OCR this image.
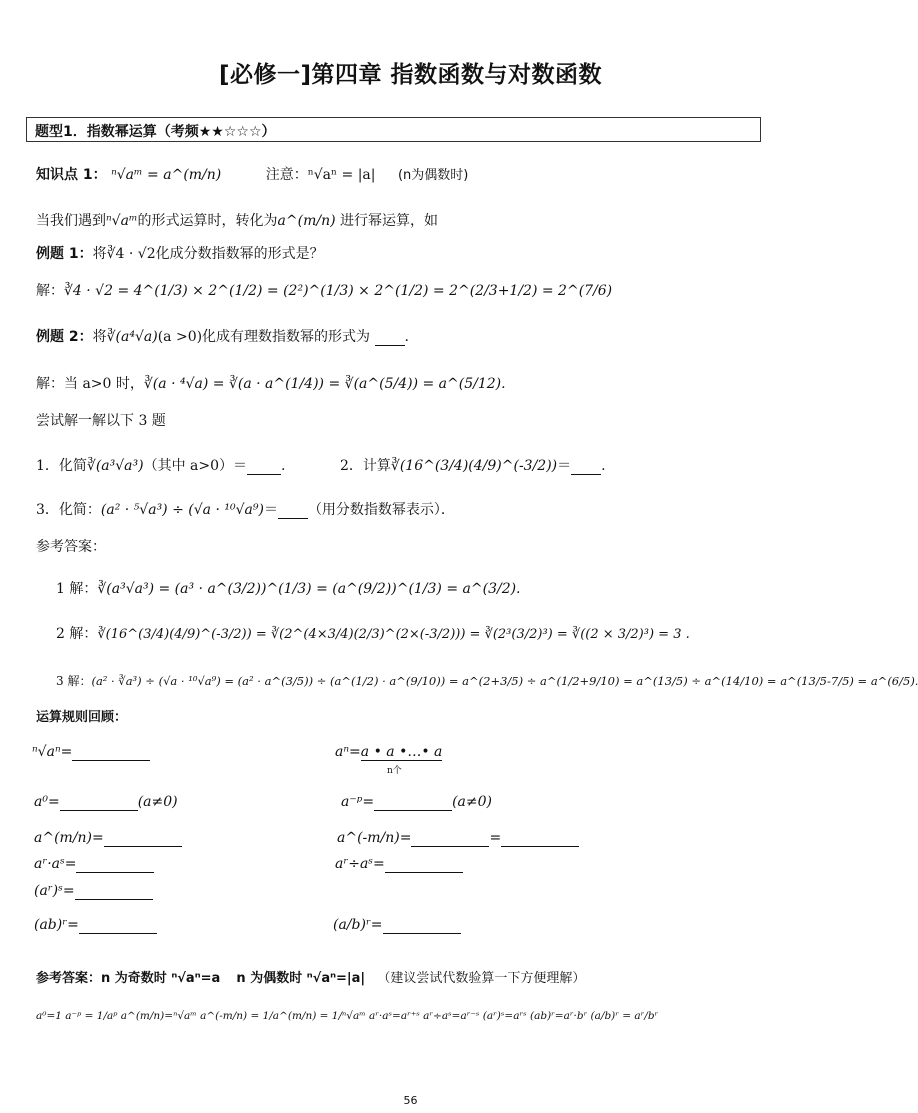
[必修一]第四章 指数函数与对数函数
题型1．指数幂运算（考频★★☆☆☆）
知识点 1： ⁿ√aᵐ = a^(m/n)	注意：ⁿ√aⁿ = |a| (n为偶数时)
当我们遇到ⁿ√aᵐ的形式运算时，转化为a^(m/n) 进行幂运算，如
例题 1：将∛4 · √2化成分数指数幂的形式是？
解：∛4 · √2 = 4^(1/3) × 2^(1/2) = (2²)^(1/3) × 2^(1/2) = 2^(2/3+1/2) = 2^(7/6)
例题 2：将∛(a⁴√a)(a >0)化成有理数指数幂的形式为 .
解：当 a>0 时，∛(a · ⁴√a) = ∛(a · a^(1/4)) = ∛(a^(5/4)) = a^(5/12).
尝试解一解以下 3 题
1．化简∛(a³√a³)（其中 a>0）＝ .	2．计算∛(16^(3/4)(4/9)^(-3/2))＝ .
3．化简：(a² · ⁵√a³) ÷ (√a · ¹⁰√a⁹)＝ （用分数指数幂表示）．
参考答案：
1 解：∛(a³√a³) = (a³ · a^(3/2))^(1/3) = (a^(9/2))^(1/3) = a^(3/2).
2 解：∛(16^(3/4)(4/9)^(-3/2)) = ∛(2^(4×3/4)(2/3)^(2×(-3/2))) = ∛(2³(3/2)³) = ∛((2 × 3/2)³) = 3 .
3 解：(a² · ∛a³) ÷ (√a · ¹⁰√a⁹) = (a² · a^(3/5)) ÷ (a^(1/2) · a^(9/10)) = a^(2+3/5) ÷ a^(1/2+9/10) = a^(13/5) ÷ a^(14/10) = a^(13/5-7/5) = a^(6/5).
运算规则回顾：
ⁿ√aⁿ=	aⁿ=a • a •…• a
n个
a⁰=	(a≠0)	a⁻ᵖ=	(a≠0)
a^(m/n)=	a^(-m/n)=	=
aʳ·aˢ=	aʳ÷aˢ=
(aʳ)ˢ=
(ab)ʳ=	(a/b)ʳ=
参考答案：n 为奇数时 ⁿ√aⁿ=a n 为偶数时 ⁿ√aⁿ=|a| （建议尝试代数验算一下方便理解）
a⁰=1 a⁻ᵖ = 1/aᵖ a^(m/n)=ⁿ√aᵐ a^(-m/n) = 1/a^(m/n) = 1/ⁿ√aᵐ aʳ·aˢ=aʳ⁺ˢ aʳ÷aˢ=aʳ⁻ˢ (aʳ)ˢ=aʳˢ (ab)ʳ=aʳ·bʳ (a/b)ʳ = aʳ/bʳ
56
